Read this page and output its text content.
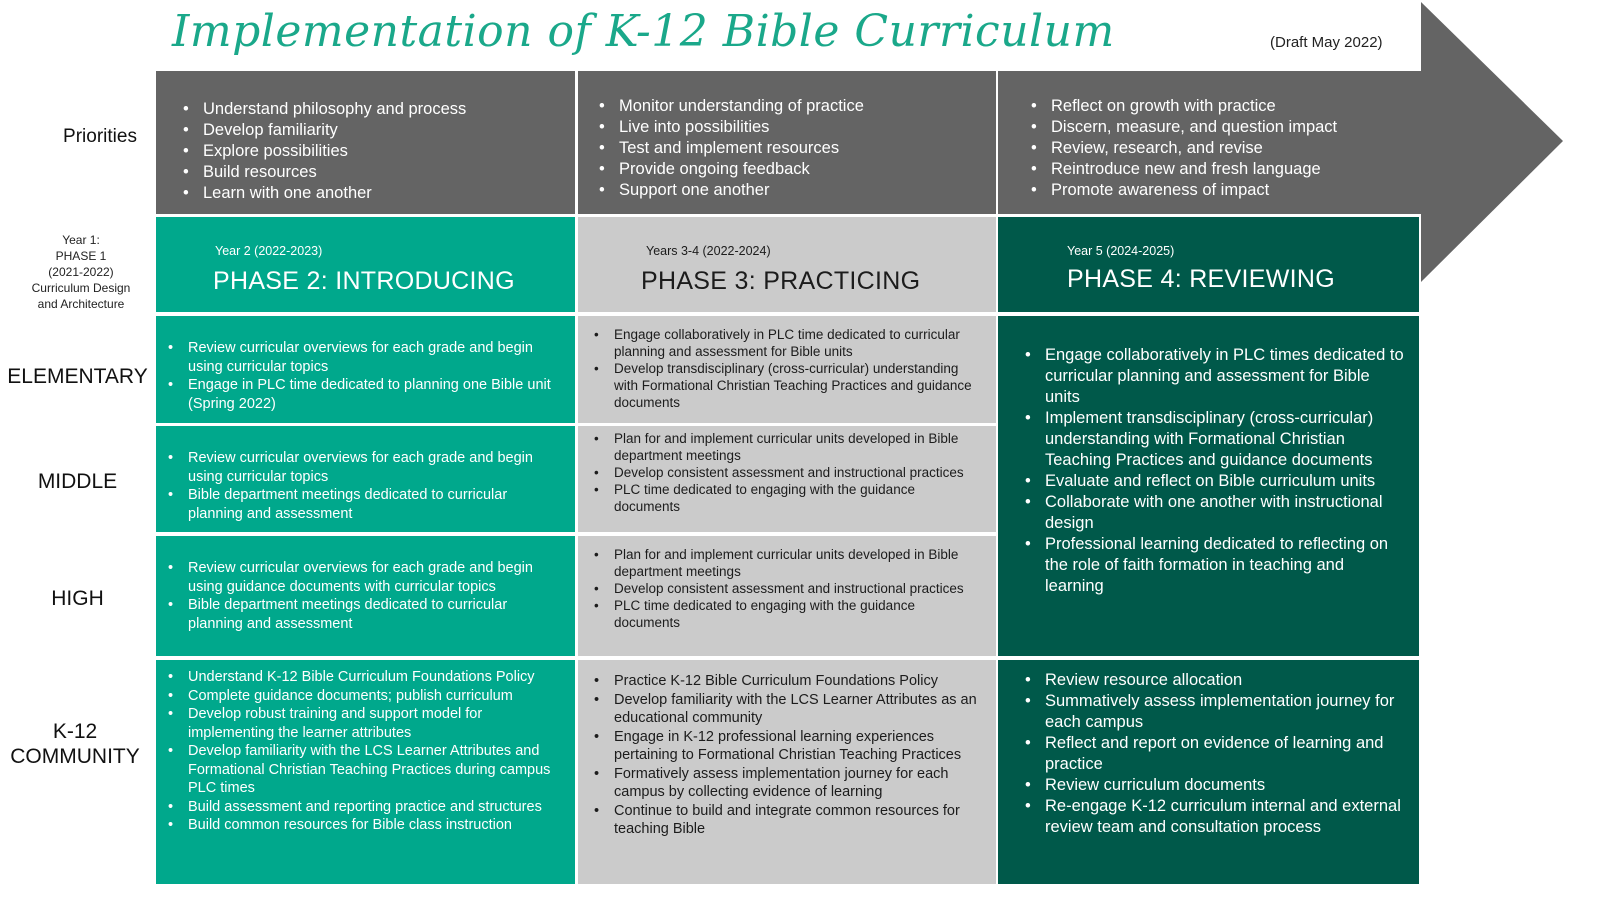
Implementation of K-12 Bible Curriculum	(Draft May 2022)
Priorities
Year 1:
PHASE 1
(2021-2022)
Curriculum Design
and Architecture
ELEMENTARY
MIDDLE
HIGH
K-12
COMMUNITY
• Understand philosophy and process
• Develop familiarity
• Explore possibilities
• Build resources
• Learn with one another
• Monitor understanding of practice
• Live into possibilities
• Test and implement resources
• Provide ongoing feedback
• Support one another
• Reflect on growth with practice
• Discern, measure, and question impact
• Review, research, and revise
• Reintroduce new and fresh language
• Promote awareness of impact
Year 2 (2022-2023)
PHASE 2: INTRODUCING
Years 3-4 (2022-2024)
PHASE 3: PRACTICING
Year 5 (2024-2025)
PHASE 4: REVIEWING
• Review curricular overviews for each grade and begin using curricular topics
• Engage in PLC time dedicated to planning one Bible unit (Spring 2022)
• Review curricular overviews for each grade and begin using curricular topics
• Bible department meetings dedicated to curricular planning and assessment
• Review curricular overviews for each grade and begin using guidance documents with curricular topics
• Bible department meetings dedicated to curricular planning and assessment
• Understand K-12 Bible Curriculum Foundations Policy
• Complete guidance documents; publish curriculum
• Develop robust training and support model for implementing the learner attributes
• Develop familiarity with the LCS Learner Attributes and Formational Christian Teaching Practices during campus PLC times
• Build assessment and reporting practice and structures
• Build common resources for Bible class instruction
• Engage collaboratively in PLC time dedicated to curricular planning and assessment for Bible units
• Develop transdisciplinary (cross-curricular) understanding with Formational Christian Teaching Practices and guidance documents
• Plan for and implement curricular units developed in Bible department meetings
• Develop consistent assessment and instructional practices
• PLC time dedicated to engaging with the guidance documents
• Plan for and implement curricular units developed in Bible department meetings
• Develop consistent assessment and instructional practices
• PLC time dedicated to engaging with the guidance documents
• Practice K-12 Bible Curriculum Foundations Policy
• Develop familiarity with the LCS Learner Attributes as an educational community
• Engage in K-12 professional learning experiences pertaining to Formational Christian Teaching Practices
• Formatively assess implementation journey for each campus by collecting evidence of learning
• Continue to build and integrate common resources for teaching Bible
• Engage collaboratively in PLC times dedicated to curricular planning and assessment for Bible units
• Implement transdisciplinary (cross-curricular) understanding with Formational Christian Teaching Practices and guidance documents
• Evaluate and reflect on Bible curriculum units
• Collaborate with one another with instructional design
• Professional learning dedicated to reflecting on the role of faith formation in teaching and learning
• Review resource allocation
• Summatively assess implementation journey for each campus
• Reflect and report on evidence of learning and practice
• Review curriculum documents
• Re-engage K-12 curriculum internal and external review team and consultation process
